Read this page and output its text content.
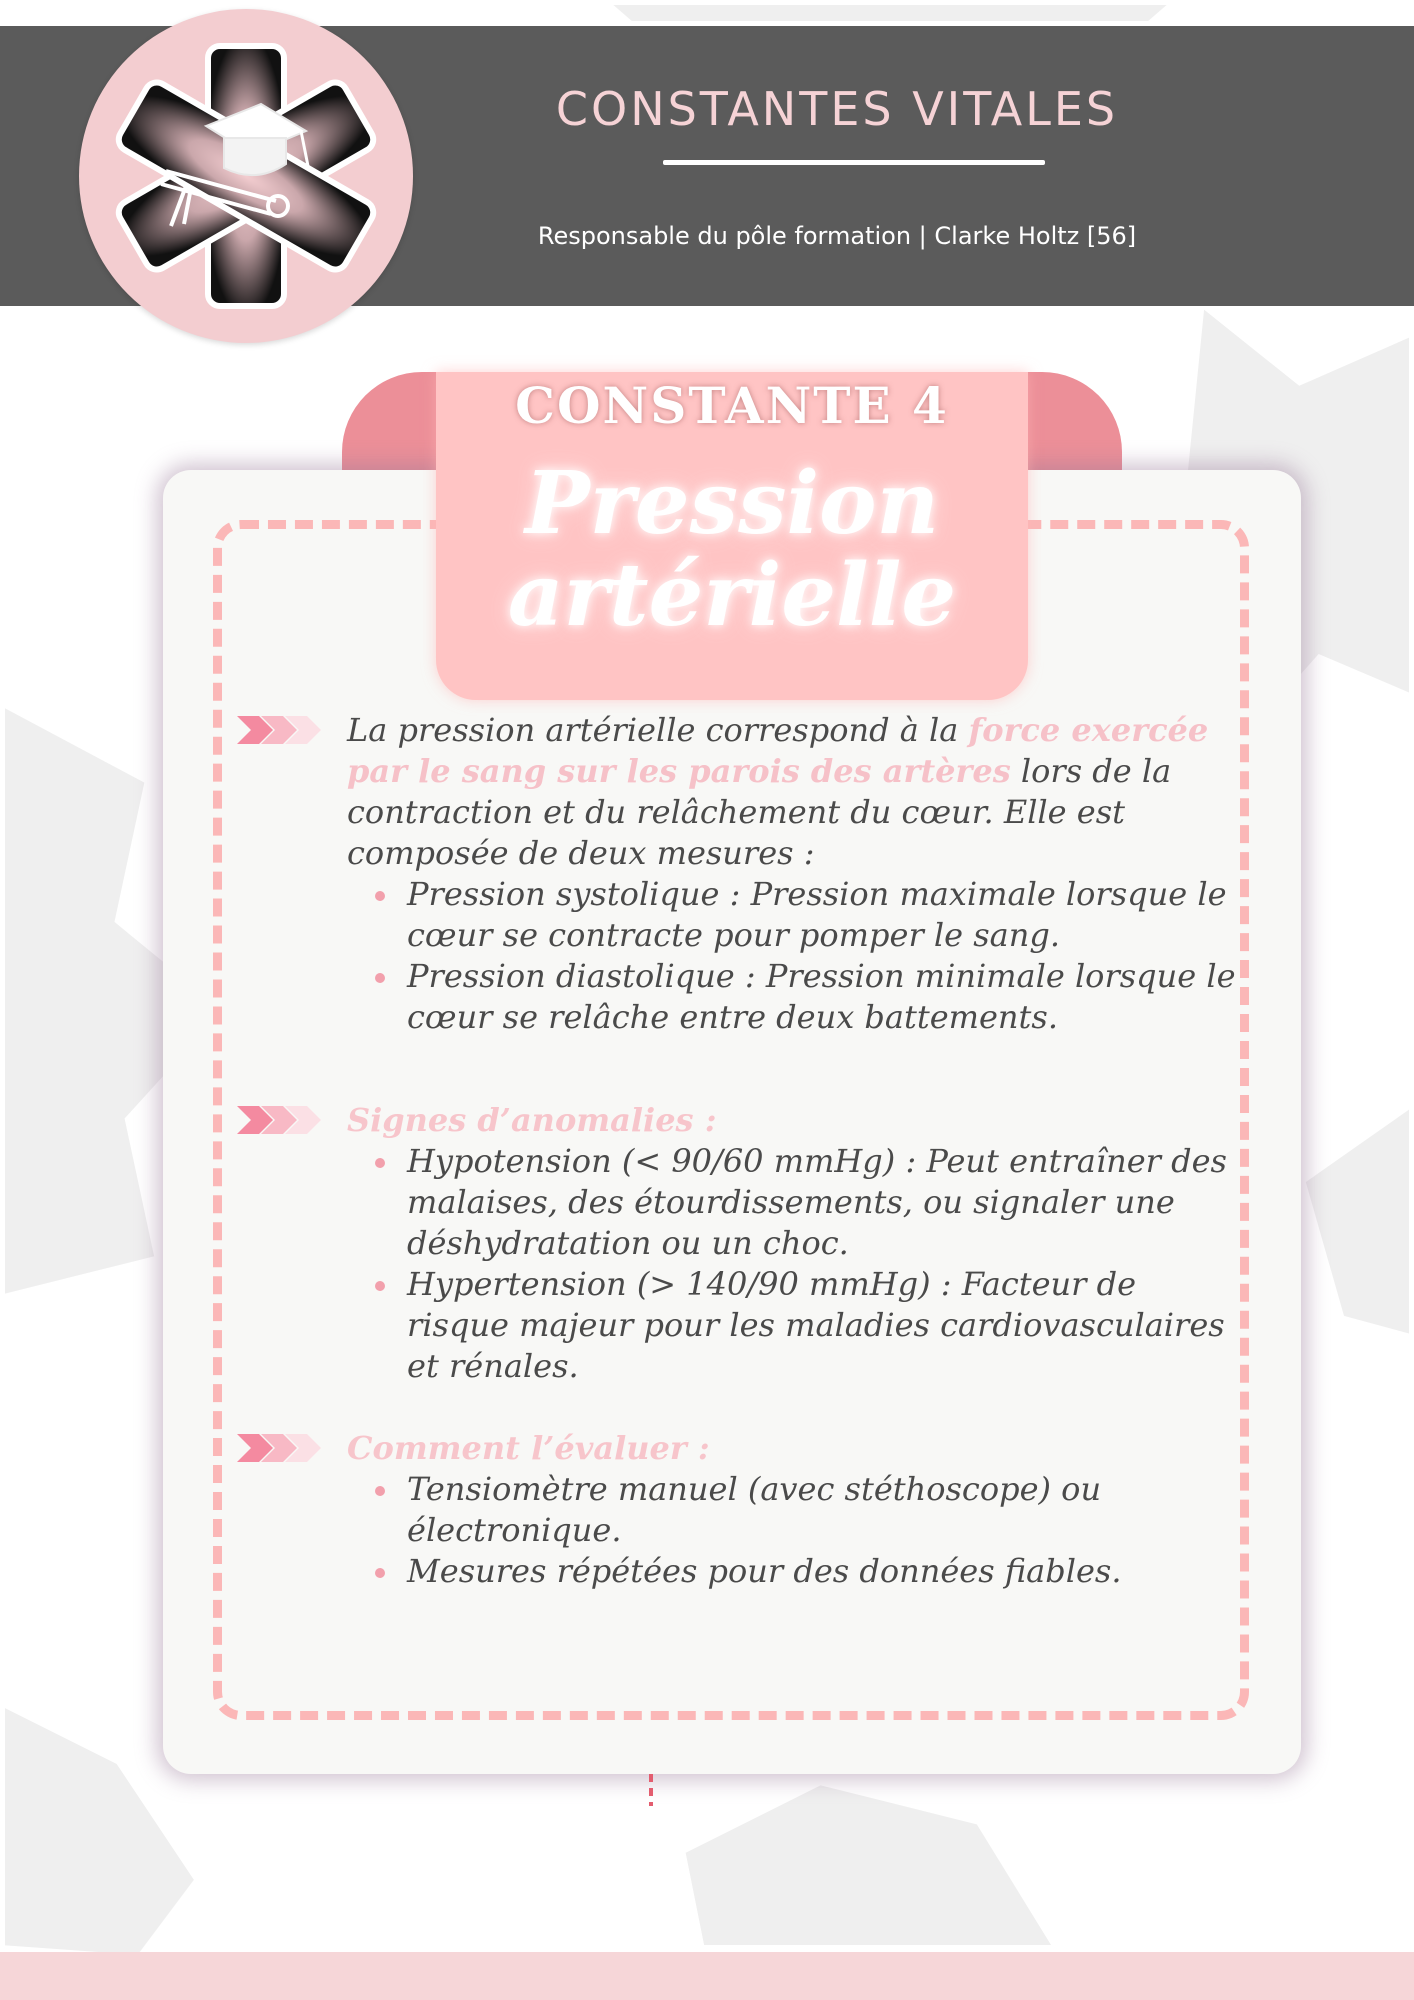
CONSTANTES VITALES
Responsable du pôle formation | Clarke Holtz [56]
CONSTANTE 4
Pression
artérielle
La pression artérielle correspond à la force exercée par le sang sur les parois des artères lors de la contraction et du relâchement du cœur. Elle est composée de deux mesures :
Pression systolique : Pression maximale lorsque le cœur se contracte pour pomper le sang.
Pression diastolique : Pression minimale lorsque le cœur se relâche entre deux battements.
Signes d’anomalies :
Hypotension (< 90/60 mmHg) : Peut entraîner des malaises, des étourdissements, ou signaler une déshydratation ou un choc.
Hypertension (> 140/90 mmHg) : Facteur de risque majeur pour les maladies cardiovasculaires et rénales.
Comment l’évaluer :
Tensiomètre manuel (avec stéthoscope) ou électronique.
Mesures répétées pour des données fiables.
